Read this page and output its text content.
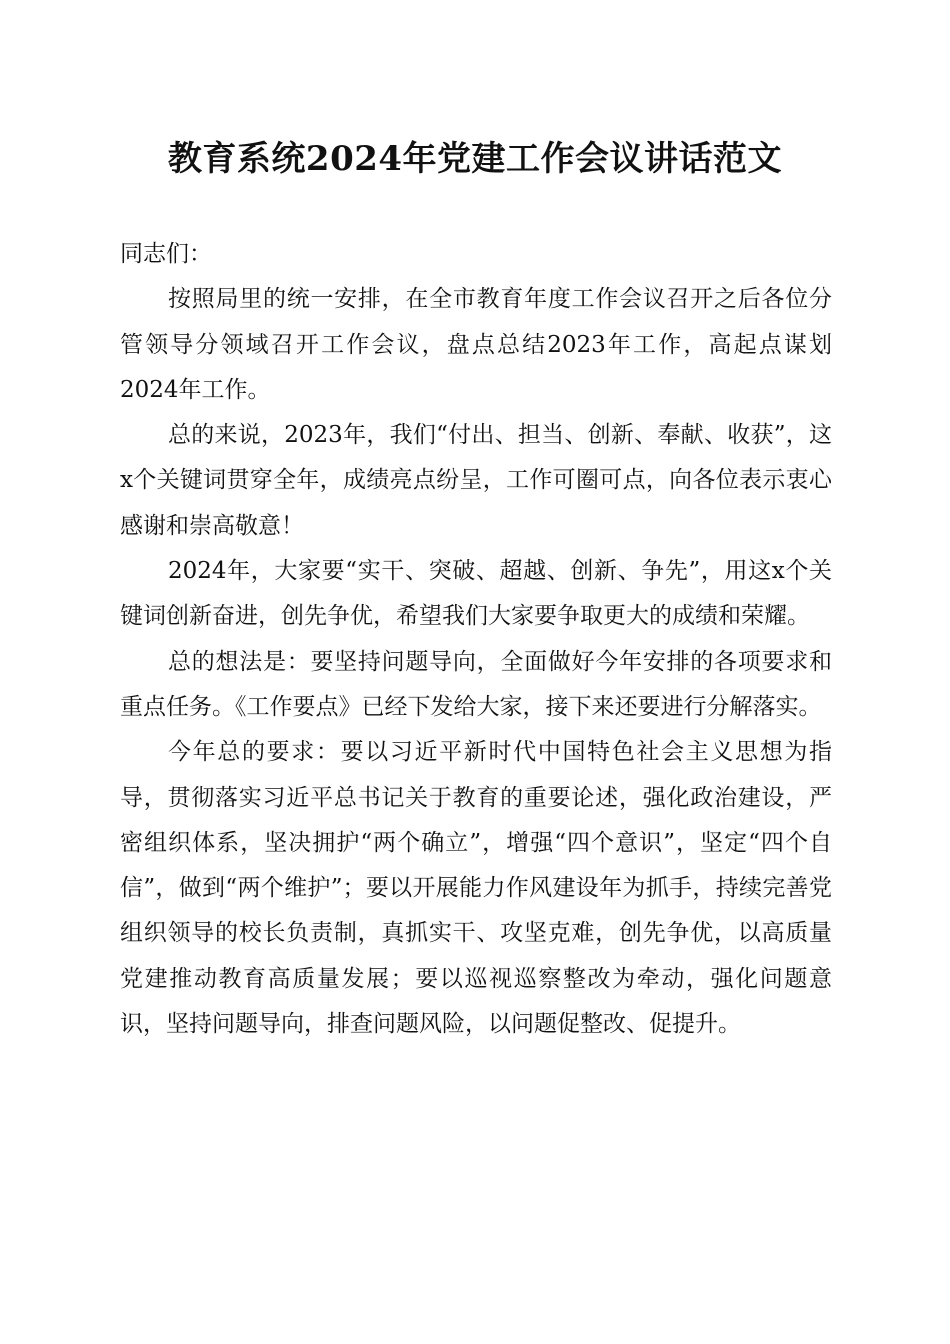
教育系统2024年党建工作会议讲话范文

同志们：

按照局里的统一安排，在全市教育年度工作会议召开之后各位分管领导分领域召开工作会议，盘点总结2023年工作，高起点谋划2024年工作。

总的来说，2023年，我们“付出、担当、创新、奉献、收获”，这x个关键词贯穿全年，成绩亮点纷呈，工作可圈可点，向各位表示衷心感谢和崇高敬意！

2024年，大家要“实干、突破、超越、创新、争先”，用这x个关键词创新奋进，创先争优，希望我们大家要争取更大的成绩和荣耀。

总的想法是：要坚持问题导向，全面做好今年安排的各项要求和重点任务。《工作要点》已经下发给大家，接下来还要进行分解落实。

今年总的要求：要以习近平新时代中国特色社会主义思想为指导，贯彻落实习近平总书记关于教育的重要论述，强化政治建设，严密组织体系，坚决拥护“两个确立”，增强“四个意识”，坚定“四个自信”，做到“两个维护”；要以开展能力作风建设年为抓手，持续完善党组织领导的校长负责制，真抓实干、攻坚克难，创先争优，以高质量党建推动教育高质量发展；要以巡视巡察整改为牵动，强化问题意识，坚持问题导向，排查问题风险，以问题促整改、促提升。
